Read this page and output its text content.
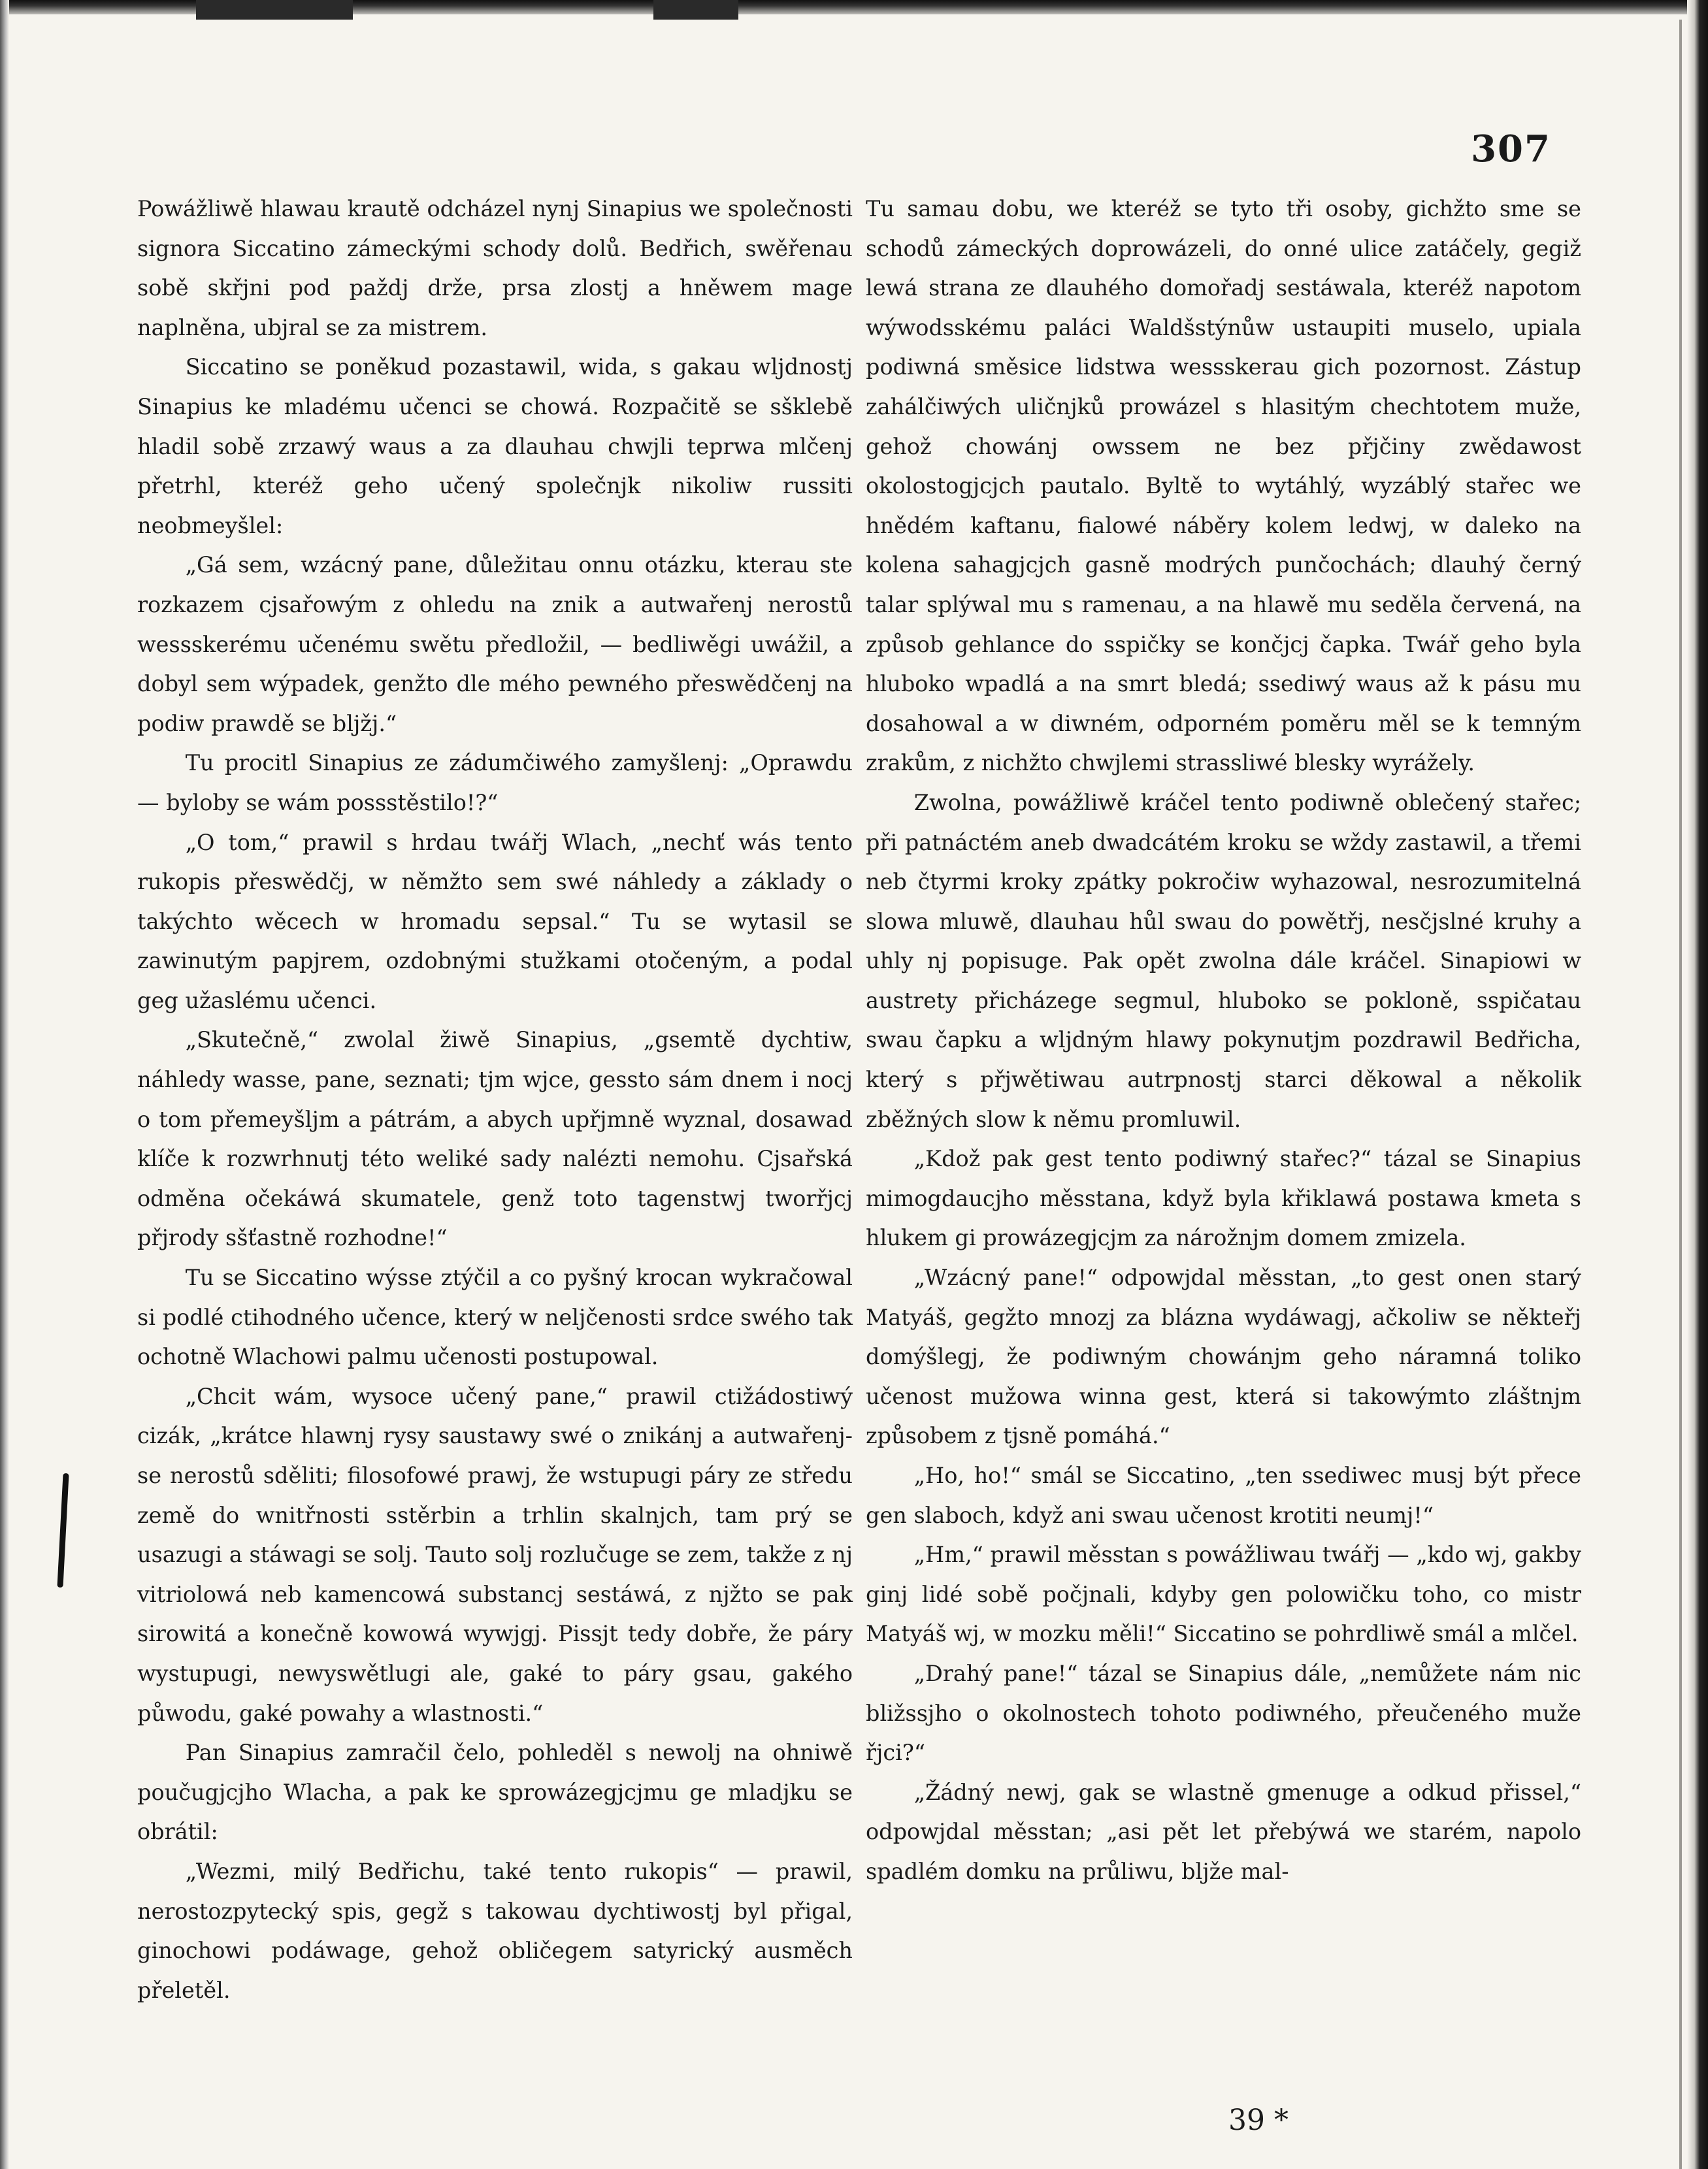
307

Powážliwě hlawau krautě odcházel nynj Sinapius we společnosti signora Siccatino zámeckými schody dolů. Bedřich, swěřenau sobě skřjni pod paždj drže, prsa zlostj a hněwem mage naplněna, ubjral se za mistrem.

Siccatino se poněkud pozastawil, wida, s gakau wljdnostj Sinapius ke mladému učenci se chowá. Rozpačitě se sšklebě hladil sobě zrzawý waus a za dlauhau chwjli teprwa mlčenj přetrhl, kteréž geho učený společnjk nikoliw russiti neobmeyšlel:

„Gá sem, wzácný pane, důležitau onnu otázku, kterau ste rozkazem cjsařowým z ohledu na znik a autwařenj nerostů wessskerému učenému swětu předložil, — bedliwěgi uwážil, a dobyl sem wýpadek, genžto dle mého pewného přeswědčenj na podiw prawdě se bljžj.“

Tu procitl Sinapius ze zádumčiwého zamyšlenj: „Oprawdu — byloby se wám possstěstilo!?“

„O tom,“ prawil s hrdau twářj Wlach, „nechť wás tento rukopis přeswědčj, w němžto sem swé náhledy a základy o takýchto wěcech w hromadu sepsal.“ Tu se wytasil se zawinutým papjrem, ozdobnými stužkami otočeným, a podal geg užaslému učenci.

„Skutečně,“ zwolal žiwě Sinapius, „gsemtě dychtiw, náhledy wasse, pane, seznati; tjm wjce, gessto sám dnem i nocj o tom přemeyšljm a pátrám, a abych upřjmně wyznal, dosawad klíče k rozwrhnutj této weliké sady nalézti nemohu. Cjsařská odměna očekáwá skumatele, genž toto tagenstwj tworřjcj přjrody sšťastně rozhodne!“

Tu se Siccatino wýsse ztýčil a co pyšný krocan wykračowal si podlé ctihodného učence, který w neljčenosti srdce swého tak ochotně Wlachowi palmu učenosti postupowal.

„Chcit wám, wysoce učený pane,“ prawil ctižádostiwý cizák, „krátce hlawnj rysy saustawy swé o znikánj a autwařenj-se nerostů sděliti; filosofowé prawj, že wstupugi páry ze středu země do wnitřnosti sstěrbin a trhlin skalnjch, tam prý se usazugi a stáwagi se solj. Tauto solj rozlučuge se zem, takže z nj vitriolowá neb kamencowá substancj sestáwá, z njžto se pak sirowitá a konečně kowowá wywjgj. Pissjt tedy dobře, že páry wystupugi, newyswětlugi ale, gaké to páry gsau, gakého půwodu, gaké powahy a wlastnosti.“

Pan Sinapius zamračil čelo, pohleděl s newolj na ohniwě poučugjcjho Wlacha, a pak ke sprowázegjcjmu ge mladjku se obrátil:

„Wezmi, milý Bedřichu, také tento rukopis“ — prawil, nerostozpytecký spis, gegž s takowau dychtiwostj byl přigal, ginochowi podáwage, gehož obličegem satyrický ausměch přeletěl.

Tu samau dobu, we kteréž se tyto tři osoby, gichžto sme se schodů zámeckých doprowázeli, do onné ulice zatáčely, gegiž lewá strana ze dlauhého domořadj sestáwala, kteréž napotom wýwodsskému paláci Waldšstýnůw ustaupiti muselo, upiala podiwná směsice lidstwa wessskerau gich pozornost. Zástup zahálčiwých uličnjků prowázel s hlasitým chechtotem muže, gehož chowánj owssem ne bez přjčiny zwědawost okolostogjcjch pautalo. Byltě to wytáhlý, wyzáblý stařec we hnědém kaftanu, fialowé náběry kolem ledwj, w dalekо na kolena sahagjcjch gasně modrých punčochách; dlauhý černý talar splýwal mu s ramenau, a na hlawě mu seděla červená, na způsob gehlance do sspičky se končjcj čapka. Twář geho byla hluboko wpadlá a na smrt bledá; ssediwý waus až k pásu mu dosahowal a w diwném, odporném poměru měl se k temným zrakům, z nichžto chwjlemi strassliwé blesky wyrážely.

Zwolna, powážliwě kráčel tento podiwně oblečený stařec; při patnáctém aneb dwadcátém kroku se wždy zastawil, a třemi neb čtyrmi kroky zpátky pokročiw wyhazowal, nesrozumitelná slowa mluwě, dlauhau hůl swau do powětřj, nesčjslné kruhy a uhly nj popisuge. Pak opět zwolna dále kráčel. Sinapiowi w austrety přicházege segmul, hluboko se pokloně, sspičatau swau čapku a wljdným hlawy pokynutjm pozdrawil Bedřicha, který s přjwětiwau autrpnostj starci děkowal a několik zběžných slow k němu promluwil.

„Kdož pak gest tento podiwný stařec?“ tázal se Sinapius mimogdaucjho měsstana, když byla křiklawá postawa kmeta s hlukem gi prowázegjcjm za nárožnjm domem zmizela.

„Wzácný pane!“ odpowjdal měsstan, „to gest onen starý Matyáš, gegžto mnozj za blázna wydáwagj, ačkoliw se někteřj domýšlegj, že podiwným chowánjm geho náramná toliko učenost mužowa winna gest, která si takowýmto zláštnjm způsobem z tjsně pomáhá.“

„Ho, ho!“ smál se Siccatino, „ten ssediwec musj být přece gen slaboch, když ani swau učenost krotiti neumj!“

„Hm,“ prawil měsstan s powážliwau twářj — „kdo wj, gakby ginj lidé sobě počjnali, kdyby gen polowičku toho, co mistr Matyáš wj, w mozku měli!“ Siccatino se pohrdliwě smál a mlčel.

„Drahý pane!“ tázal se Sinapius dále, „nemůžete nám nic bližssjho o okolnostech tohoto podiwného, přeučeného muže řjci?“

„Žádný newj, gak se wlastně gmenuge a odkud přissel,“ odpowjdal měsstan; „asi pět let přebýwá we starém, napolo spadlém domku na průliwu, bljže mal-

39 *
